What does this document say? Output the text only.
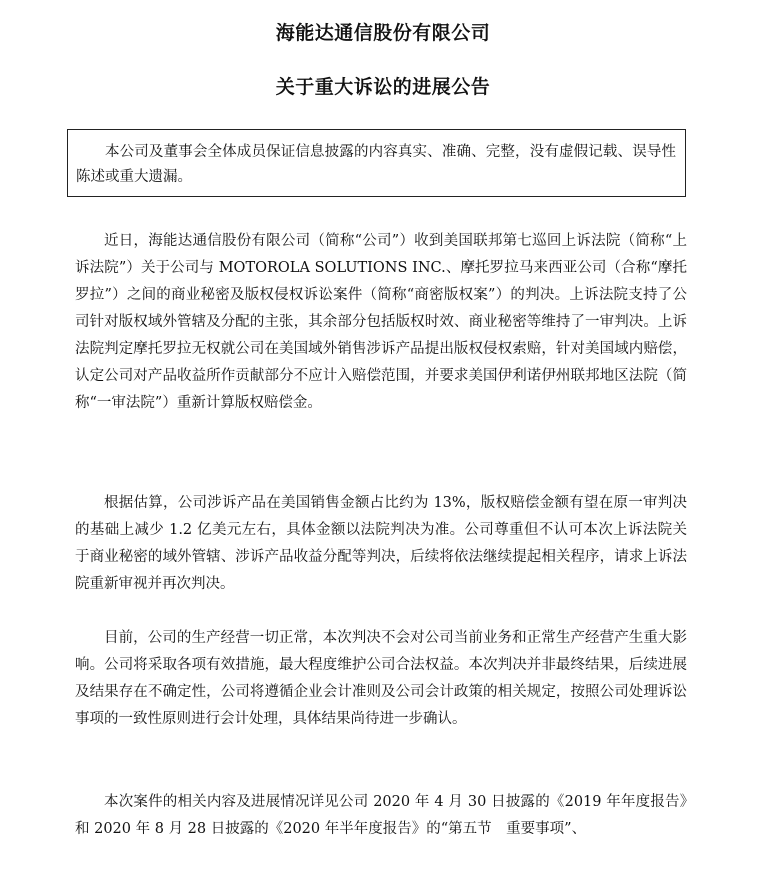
海能达通信股份有限公司
关于重大诉讼的进展公告

本公司及董事会全体成员保证信息披露的内容真实、准确、完整，没有虚假记载、误导性陈述或重大遗漏。

近日，海能达通信股份有限公司（简称“公司”）收到美国联邦第七巡回上诉法院（简称“上诉法院”）关于公司与 MOTOROLA SOLUTIONS INC.、摩托罗拉马来西亚公司（合称“摩托罗拉”）之间的商业秘密及版权侵权诉讼案件（简称“商密版权案”）的判决。上诉法院支持了公司针对版权域外管辖及分配的主张，其余部分包括版权时效、商业秘密等维持了一审判决。上诉法院判定摩托罗拉无权就公司在美国域外销售涉诉产品提出版权侵权索赔，针对美国域内赔偿，认定公司对产品收益所作贡献部分不应计入赔偿范围，并要求美国伊利诺伊州联邦地区法院（简称“一审法院”）重新计算版权赔偿金。

根据估算，公司涉诉产品在美国销售金额占比约为 13%，版权赔偿金额有望在原一审判决的基础上减少 1.2 亿美元左右，具体金额以法院判决为准。公司尊重但不认可本次上诉法院关于商业秘密的域外管辖、涉诉产品收益分配等判决，后续将依法继续提起相关程序，请求上诉法院重新审视并再次判决。

目前，公司的生产经营一切正常，本次判决不会对公司当前业务和正常生产经营产生重大影响。公司将采取各项有效措施，最大程度维护公司合法权益。本次判决并非最终结果，后续进展及结果存在不确定性，公司将遵循企业会计准则及公司会计政策的相关规定，按照公司处理诉讼事项的一致性原则进行会计处理，具体结果尚待进一步确认。

本次案件的相关内容及进展情况详见公司 2020 年 4 月 30 日披露的《2019 年年度报告》和 2020 年 8 月 28 日披露的《2020 年半年度报告》的“第五节　重要事项”、
